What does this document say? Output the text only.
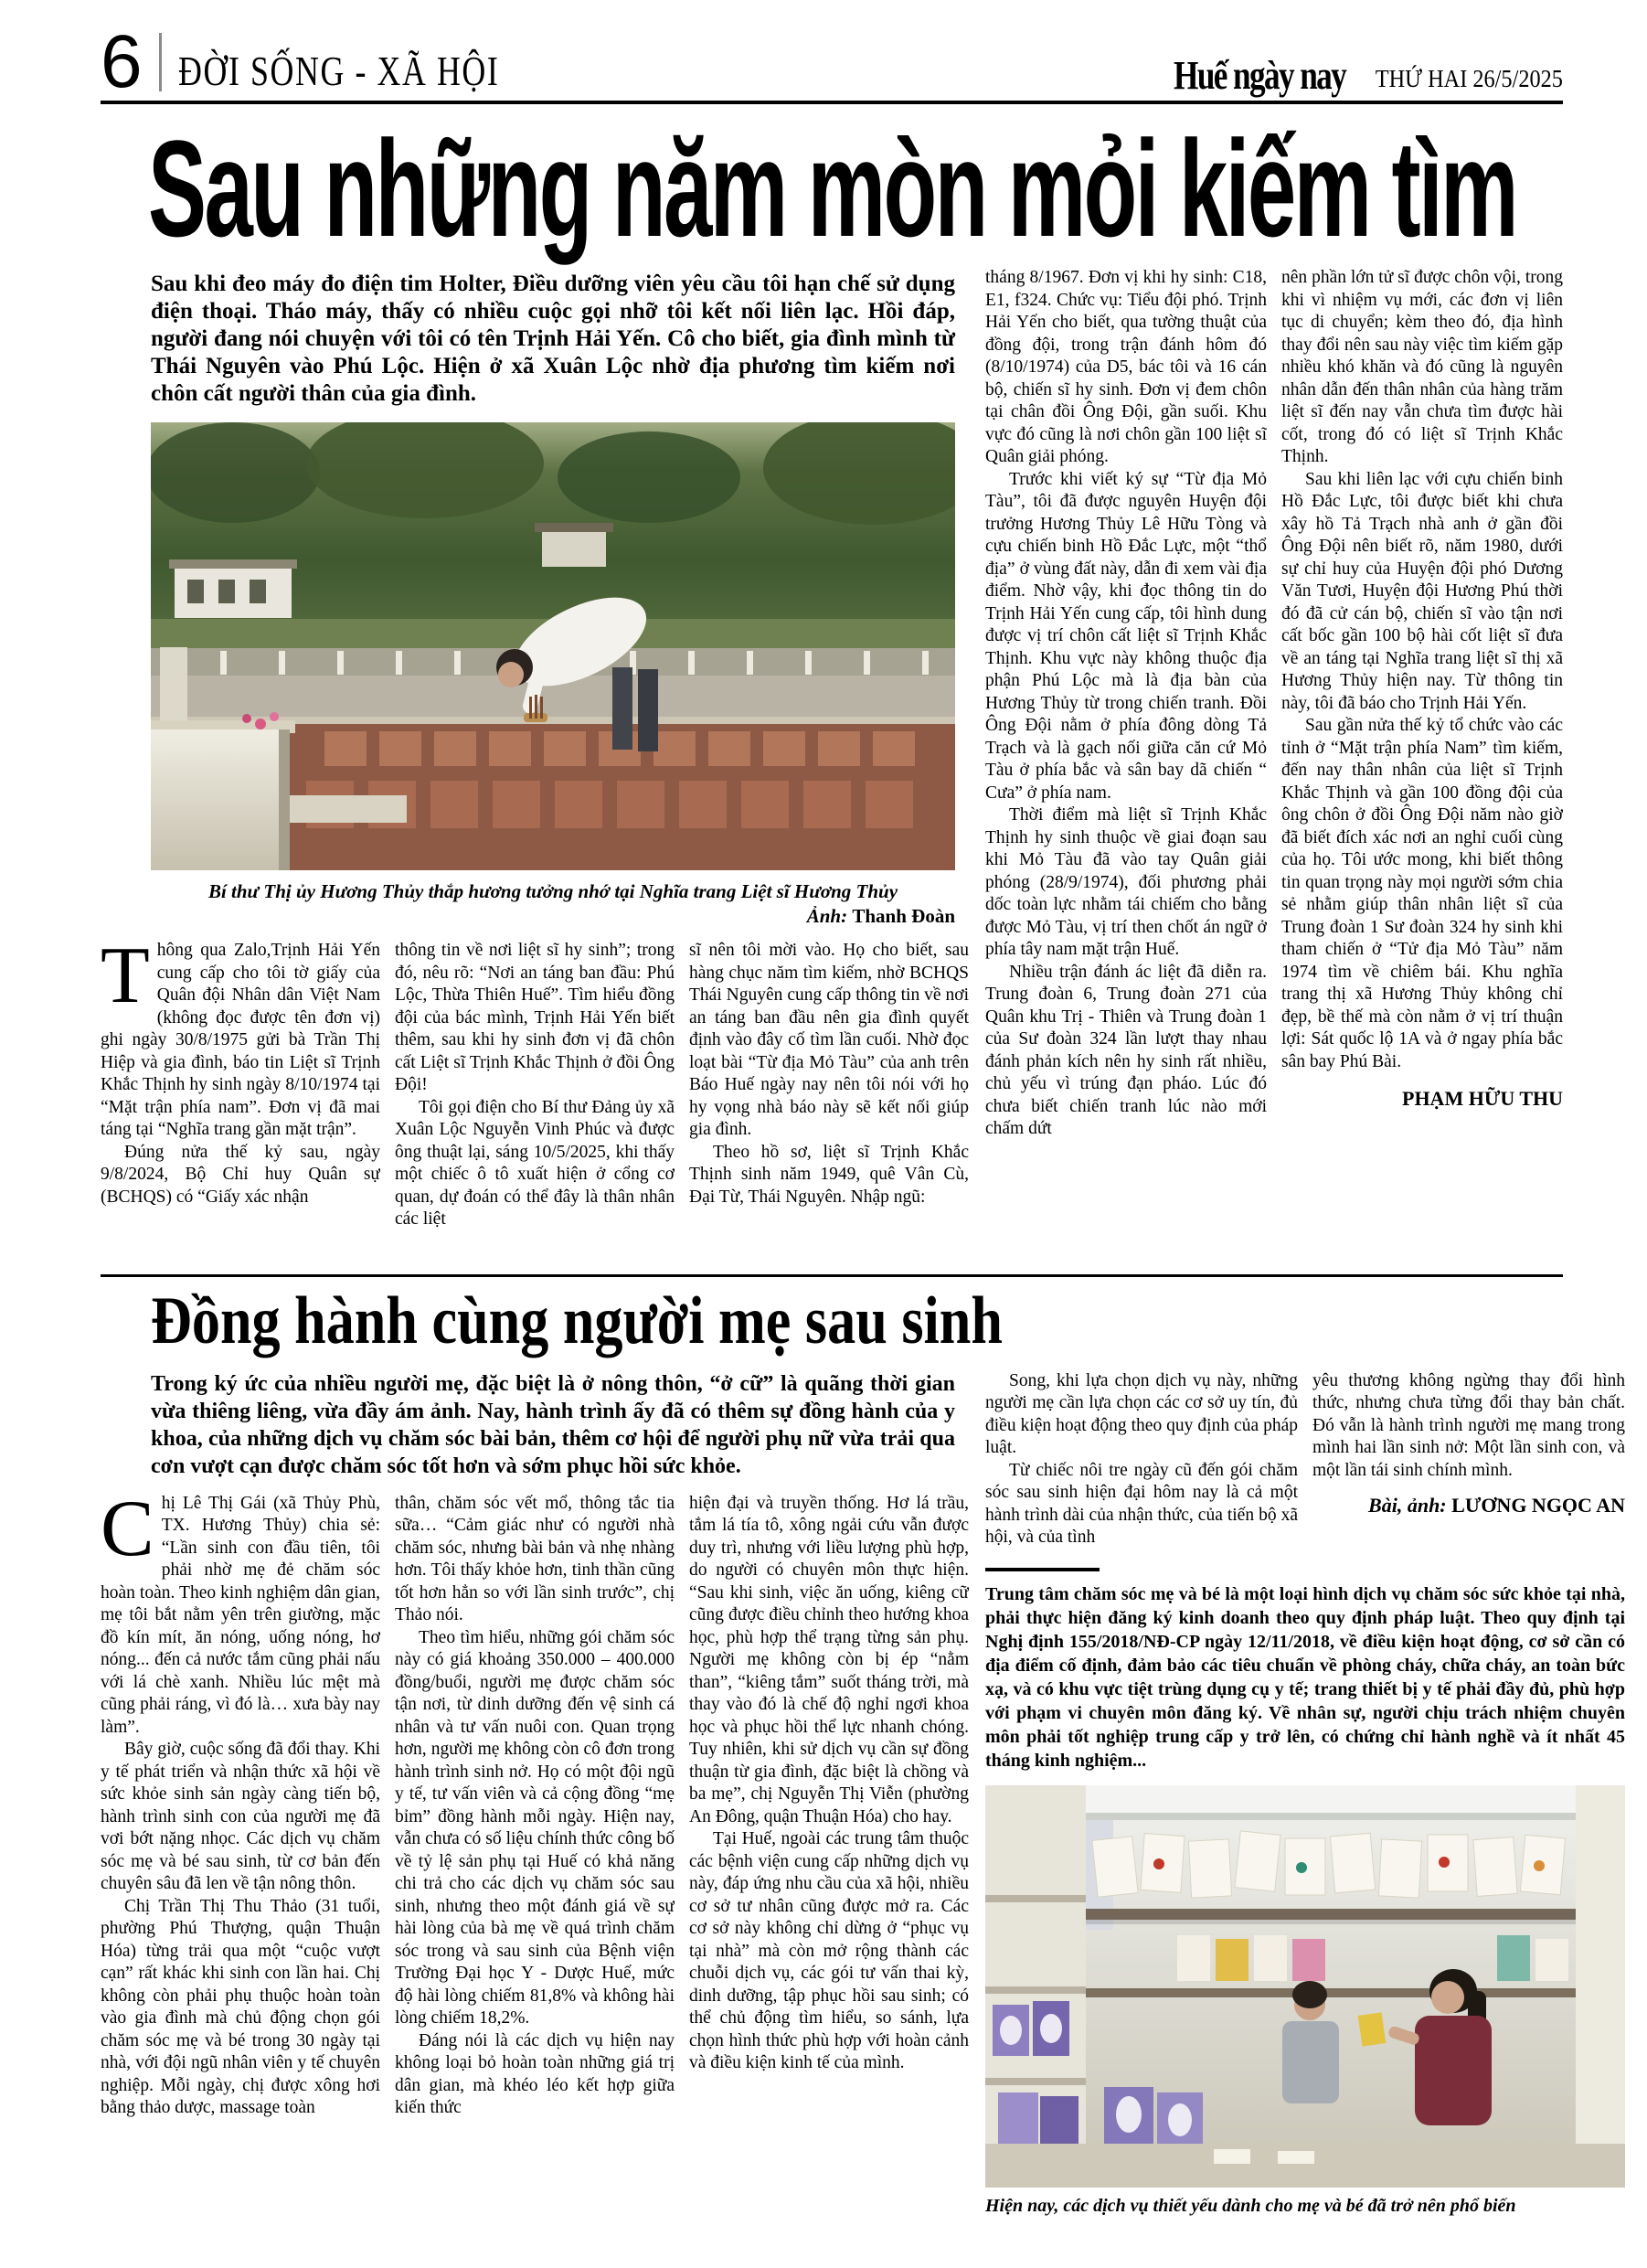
6 ĐỜI SỐNG - XÃ HỘI	Huế ngày nay THỨ HAI 26/5/2025
Sau những năm mòn mỏi kiếm tìm

Sau khi đeo máy đo điện tim Holter, Điều dưỡng viên yêu cầu tôi hạn chế sử dụng điện thoại. Tháo máy, thấy có nhiều cuộc gọi nhỡ tôi kết nối liên lạc. Hồi đáp, người đang nói chuyện với tôi có tên Trịnh Hải Yến. Cô cho biết, gia đình mình từ Thái Nguyên vào Phú Lộc. Hiện ở xã Xuân Lộc nhờ địa phương tìm kiếm nơi chôn cất người thân của gia đình.

Bí thư Thị ủy Hương Thủy thắp hương tưởng nhớ tại Nghĩa trang Liệt sĩ Hương Thủy
Ảnh: Thanh Đoàn

Thông qua Zalo,Trịnh Hải Yến cung cấp cho tôi tờ giấy của Quân đội Nhân dân Việt Nam (không đọc được tên đơn vị) ghi ngày 30/8/1975 gửi bà Trần Thị Hiệp và gia đình, báo tin Liệt sĩ Trịnh Khắc Thịnh hy sinh ngày 8/10/1974 tại “Mặt trận phía nam”. Đơn vị đã mai táng tại “Nghĩa trang gần mặt trận”.

Đúng nửa thế kỷ sau, ngày 9/8/2024, Bộ Chỉ huy Quân sự (BCHQS) có “Giấy xác nhận

thông tin về nơi liệt sĩ hy sinh”; trong đó, nêu rõ: “Nơi an táng ban đầu: Phú Lộc, Thừa Thiên Huế”. Tìm hiểu đồng đội của bác mình, Trịnh Hải Yến biết thêm, sau khi hy sinh đơn vị đã chôn cất Liệt sĩ Trịnh Khắc Thịnh ở đồi Ông Đội!

Tôi gọi điện cho Bí thư Đảng ủy xã Xuân Lộc Nguyễn Vinh Phúc và được ông thuật lại, sáng 10/5/2025, khi thấy một chiếc ô tô xuất hiện ở cổng cơ quan, dự đoán có thể đây là thân nhân các liệt

sĩ nên tôi mời vào. Họ cho biết, sau hàng chục năm tìm kiếm, nhờ BCHQS Thái Nguyên cung cấp thông tin về nơi an táng ban đầu nên gia đình quyết định vào đây cố tìm lần cuối. Nhờ đọc loạt bài “Từ địa Mỏ Tàu” của anh trên Báo Huế ngày nay nên tôi nói với họ hy vọng nhà báo này sẽ kết nối giúp gia đình.

Theo hồ sơ, liệt sĩ Trịnh Khắc Thịnh sinh năm 1949, quê Vân Cù, Đại Từ, Thái Nguyên. Nhập ngũ:

tháng 8/1967. Đơn vị khi hy sinh: C18, E1, f324. Chức vụ: Tiểu đội phó. Trịnh Hải Yến cho biết, qua tường thuật của đồng đội, trong trận đánh hôm đó (8/10/1974) của D5, bác tôi và 16 cán bộ, chiến sĩ hy sinh. Đơn vị đem chôn tại chân đồi Ông Đội, gần suối. Khu vực đó cũng là nơi chôn gần 100 liệt sĩ Quân giải phóng.

Trước khi viết ký sự “Từ địa Mỏ Tàu”, tôi đã được nguyên Huyện đội trưởng Hương Thủy Lê Hữu Tòng và cựu chiến binh Hồ Đắc Lực, một “thổ địa” ở vùng đất này, dẫn đi xem vài địa điểm. Nhờ vậy, khi đọc thông tin do Trịnh Hải Yến cung cấp, tôi hình dung được vị trí chôn cất liệt sĩ Trịnh Khắc Thịnh. Khu vực này không thuộc địa phận Phú Lộc mà là địa bàn của Hương Thủy từ trong chiến tranh. Đồi Ông Đội nằm ở phía đông dòng Tả Trạch và là gạch nối giữa căn cứ Mỏ Tàu ở phía bắc và sân bay dã chiến “ Cưa” ở phía nam.

Thời điểm mà liệt sĩ Trịnh Khắc Thịnh hy sinh thuộc về giai đoạn sau khi Mỏ Tàu đã vào tay Quân giải phóng (28/9/1974), đối phương phải dốc toàn lực nhằm tái chiếm cho bằng được Mỏ Tàu, vị trí then chốt án ngữ ở phía tây nam mặt trận Huế.

Nhiều trận đánh ác liệt đã diễn ra. Trung đoàn 6, Trung đoàn 271 của Quân khu Trị - Thiên và Trung đoàn 1 của Sư đoàn 324 lần lượt thay nhau đánh phản kích nên hy sinh rất nhiều, chủ yếu vì trúng đạn pháo. Lúc đó chưa biết chiến tranh lúc nào mới chấm dứt

nên phần lớn tử sĩ được chôn vội, trong khi vì nhiệm vụ mới, các đơn vị liên tục di chuyển; kèm theo đó, địa hình thay đổi nên sau này việc tìm kiếm gặp nhiều khó khăn và đó cũng là nguyên nhân dẫn đến thân nhân của hàng trăm liệt sĩ đến nay vẫn chưa tìm được hài cốt, trong đó có liệt sĩ Trịnh Khắc Thịnh.

Sau khi liên lạc với cựu chiến binh Hồ Đắc Lực, tôi được biết khi chưa xây hồ Tả Trạch nhà anh ở gần đồi Ông Đội nên biết rõ, năm 1980, dưới sự chỉ huy của Huyện đội phó Dương Văn Tươi, Huyện đội Hương Phú thời đó đã cử cán bộ, chiến sĩ vào tận nơi cất bốc gần 100 bộ hài cốt liệt sĩ đưa về an táng tại Nghĩa trang liệt sĩ thị xã Hương Thủy hiện nay. Từ thông tin này, tôi đã báo cho Trịnh Hải Yến.

Sau gần nửa thế kỷ tổ chức vào các tỉnh ở “Mặt trận phía Nam” tìm kiếm, đến nay thân nhân của liệt sĩ Trịnh Khắc Thịnh và gần 100 đồng đội của ông chôn ở đồi Ông Đội năm nào giờ đã biết đích xác nơi an nghỉ cuối cùng của họ. Tôi ước mong, khi biết thông tin quan trọng này mọi người sớm chia sẻ nhằm giúp thân nhân liệt sĩ của Trung đoàn 1 Sư đoàn 324 hy sinh khi tham chiến ở “Tử địa Mỏ Tàu” năm 1974 tìm về chiêm bái. Khu nghĩa trang thị xã Hương Thủy không chỉ đẹp, bề thế mà còn nằm ở vị trí thuận lợi: Sát quốc lộ 1A và ở ngay phía bắc sân bay Phú Bài.

PHẠM HỮU THU
Đồng hành cùng người mẹ sau sinh

Trong ký ức của nhiều người mẹ, đặc biệt là ở nông thôn, “ở cữ” là quãng thời gian vừa thiêng liêng, vừa đầy ám ảnh. Nay, hành trình ấy đã có thêm sự đồng hành của y khoa, của những dịch vụ chăm sóc bài bản, thêm cơ hội để người phụ nữ vừa trải qua cơn vượt cạn được chăm sóc tốt hơn và sớm phục hồi sức khỏe.

Chị Lê Thị Gái (xã Thủy Phù, TX. Hương Thủy) chia sẻ: “Lần sinh con đầu tiên, tôi phải nhờ mẹ đẻ chăm sóc hoàn toàn. Theo kinh nghiệm dân gian, mẹ tôi bắt nằm yên trên giường, mặc đồ kín mít, ăn nóng, uống nóng, hơ nóng... đến cả nước tắm cũng phải nấu với lá chè xanh. Nhiều lúc mệt mà cũng phải ráng, vì đó là… xưa bày nay làm”.

Bây giờ, cuộc sống đã đổi thay. Khi y tế phát triển và nhận thức xã hội về sức khỏe sinh sản ngày càng tiến bộ, hành trình sinh con của người mẹ đã vơi bớt nặng nhọc. Các dịch vụ chăm sóc mẹ và bé sau sinh, từ cơ bản đến chuyên sâu đã len về tận nông thôn.

Chị Trần Thị Thu Thảo (31 tuổi, phường Phú Thượng, quận Thuận Hóa) từng trải qua một “cuộc vượt cạn” rất khác khi sinh con lần hai. Chị không còn phải phụ thuộc hoàn toàn vào gia đình mà chủ động chọn gói chăm sóc mẹ và bé trong 30 ngày tại nhà, với đội ngũ nhân viên y tế chuyên nghiệp. Mỗi ngày, chị được xông hơi bằng thảo dược, massage toàn

thân, chăm sóc vết mổ, thông tắc tia sữa… “Cảm giác như có người nhà chăm sóc, nhưng bài bản và nhẹ nhàng hơn. Tôi thấy khỏe hơn, tinh thần cũng tốt hơn hẳn so với lần sinh trước”, chị Thảo nói.

Theo tìm hiểu, những gói chăm sóc này có giá khoảng 350.000 – 400.000 đồng/buổi, người mẹ được chăm sóc tận nơi, từ dinh dưỡng đến vệ sinh cá nhân và tư vấn nuôi con. Quan trọng hơn, người mẹ không còn cô đơn trong hành trình sinh nở. Họ có một đội ngũ y tế, tư vấn viên và cả cộng đồng “mẹ bỉm” đồng hành mỗi ngày. Hiện nay, vẫn chưa có số liệu chính thức công bố về tỷ lệ sản phụ tại Huế có khả năng chi trả cho các dịch vụ chăm sóc sau sinh, nhưng theo một đánh giá về sự hài lòng của bà mẹ về quá trình chăm sóc trong và sau sinh của Bệnh viện Trường Đại học Y - Dược Huế, mức độ hài lòng chiếm 81,8% và không hài lòng chiếm 18,2%.

Đáng nói là các dịch vụ hiện nay không loại bỏ hoàn toàn những giá trị dân gian, mà khéo léo kết hợp giữa kiến thức

hiện đại và truyền thống. Hơ lá trầu, tắm lá tía tô, xông ngải cứu vẫn được duy trì, nhưng với liều lượng phù hợp, do người có chuyên môn thực hiện. “Sau khi sinh, việc ăn uống, kiêng cữ cũng được điều chỉnh theo hướng khoa học, phù hợp thể trạng từng sản phụ. Người mẹ không còn bị ép “nằm than”, “kiêng tắm” suốt tháng trời, mà thay vào đó là chế độ nghỉ ngơi khoa học và phục hồi thể lực nhanh chóng. Tuy nhiên, khi sử dịch vụ cần sự đồng thuận từ gia đình, đặc biệt là chồng và ba mẹ”, chị Nguyễn Thị Viễn (phường An Đông, quận Thuận Hóa) cho hay.

Tại Huế, ngoài các trung tâm thuộc các bệnh viện cung cấp những dịch vụ này, đáp ứng nhu cầu của xã hội, nhiều cơ sở tư nhân cũng được mở ra. Các cơ sở này không chỉ dừng ở “phục vụ tại nhà” mà còn mở rộng thành các chuỗi dịch vụ, các gói tư vấn thai kỳ, dinh dưỡng, tập phục hồi sau sinh; có thể chủ động tìm hiểu, so sánh, lựa chọn hình thức phù hợp với hoàn cảnh và điều kiện kinh tế của mình.

Song, khi lựa chọn dịch vụ này, những người mẹ cần lựa chọn các cơ sở uy tín, đủ điều kiện hoạt động theo quy định của pháp luật.

Từ chiếc nôi tre ngày cũ đến gói chăm sóc sau sinh hiện đại hôm nay là cả một hành trình dài của nhận thức, của tiến bộ xã hội, và của tình

yêu thương không ngừng thay đổi hình thức, nhưng chưa từng đổi thay bản chất. Đó vẫn là hành trình người mẹ mang trong mình hai lần sinh nở: Một lần sinh con, và một lần tái sinh chính mình.

Bài, ảnh: LƯƠNG NGỌC AN
Trung tâm chăm sóc mẹ và bé là một loại hình dịch vụ chăm sóc sức khỏe tại nhà, phải thực hiện đăng ký kinh doanh theo quy định pháp luật. Theo quy định tại Nghị định 155/2018/NĐ-CP ngày 12/11/2018, về điều kiện hoạt động, cơ sở cần có địa điểm cố định, đảm bảo các tiêu chuẩn về phòng cháy, chữa cháy, an toàn bức xạ, và có khu vực tiệt trùng dụng cụ y tế; trang thiết bị y tế phải đầy đủ, phù hợp với phạm vi chuyên môn đăng ký. Về nhân sự, người chịu trách nhiệm chuyên môn phải tốt nghiệp trung cấp y trở lên, có chứng chỉ hành nghề và ít nhất 45 tháng kinh nghiệm...
Hiện nay, các dịch vụ thiết yếu dành cho mẹ và bé đã trở nên phổ biến
